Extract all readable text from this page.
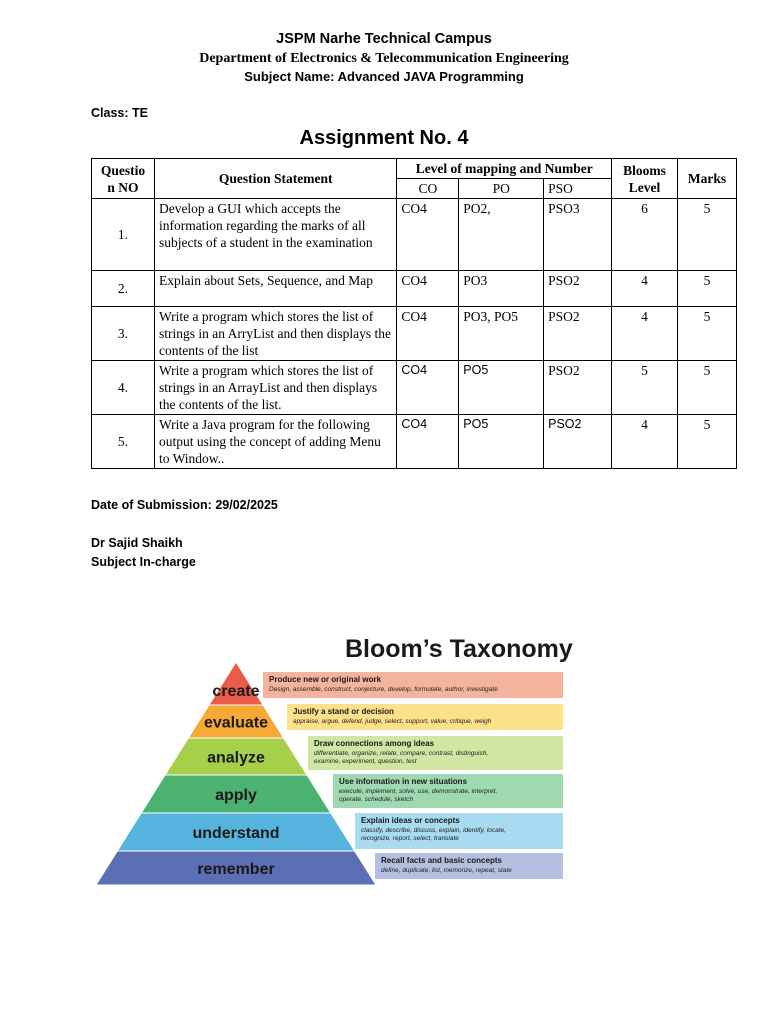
JSPM Narhe Technical Campus
Department of Electronics & Telecommunication Engineering
Subject Name: Advanced JAVA Programming
Class: TE
Assignment No. 4
Questio n NO	Question Statement	Level of mapping and Number			Blooms Level	Marks
		CO	PO	PSO		
1.	Develop a GUI which accepts the information regarding the marks of all subjects of a student in the examination	CO4	PO2,	PSO3	6	5
2.	Explain about Sets, Sequence, and Map	CO4	PO3	PSO2	4	5
3.	Write a program which stores the list of strings in an ArryList and then displays the contents of the list	CO4	PO3, PO5	PSO2	4	5
4.	Write a program which stores the list of strings in an ArrayList and then displays the contents of the list.	CO4	PO5	PSO2	5	5
5.	Write a Java program for the following output using the concept of adding Menu to Window..	CO4	PO5	PSO2	4	5
Date of Submission: 29/02/2025
Dr Sajid Shaikh
Subject In-charge
Bloom’s Taxonomy
create
evaluate
analyze
apply
understand
remember
Produce new or original work
Design, assemble, construct, conjecture, develop, formulate, author, investigate
Justify a stand or decision
appraise, argue, defend, judge, select, support, value, critique, weigh
Draw connections among ideas
differentiate, organize, relate, compare, contrast, distinguish,
examine, experiment, question, test
Use information in new situations
execute, implement, solve, use, demonstrate, interpret,
operate, schedule, sketch
Explain ideas or concepts
classify, describe, discuss, explain, identify, locate,
recognize, report, select, translate
Recall facts and basic concepts
define, duplicate, list, memorize, repeat, state
